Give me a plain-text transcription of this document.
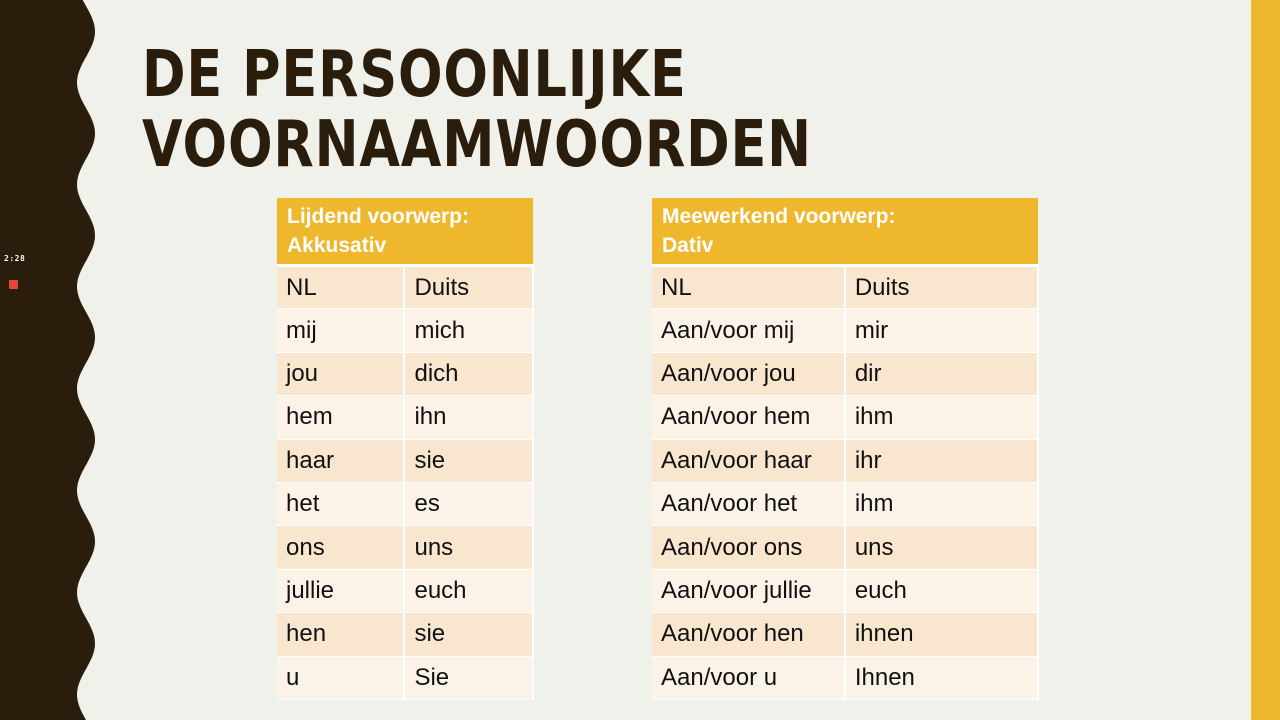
2:28
DE PERSOONLIJKE
VOORNAAMWOORDEN
Lijdend voorwerp:
Akkusativ	
NL	Duits
mij	mich
jou	dich
hem	ihn
haar	sie
het	es
ons	uns
jullie	euch
hen	sie
u	Sie
Meewerkend voorwerp:
Dativ	
NL	Duits
Aan/voor mij	mir
Aan/voor jou	dir
Aan/voor hem	ihm
Aan/voor haar	ihr
Aan/voor het	ihm
Aan/voor ons	uns
Aan/voor jullie	euch
Aan/voor hen	ihnen
Aan/voor u	Ihnen
